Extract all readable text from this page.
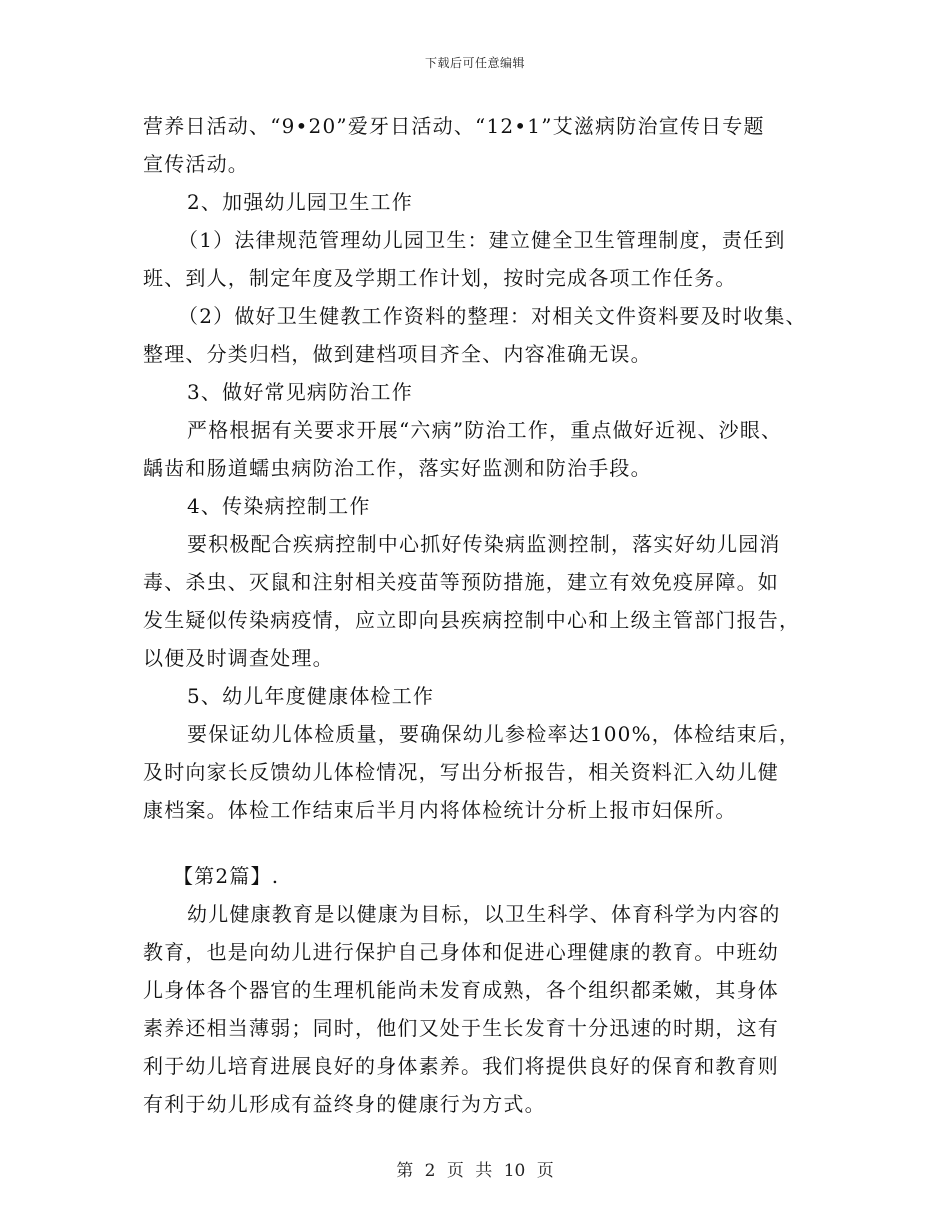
下载后可任意编辑
营养日活动、“9•20”爱牙日活动、“12•1”艾滋病防治宣传日专题
宣传活动。
2、加强幼儿园卫生工作
（1）法律规范管理幼儿园卫生：建立健全卫生管理制度，责任到
班、到人，制定年度及学期工作计划，按时完成各项工作任务。
（2）做好卫生健教工作资料的整理：对相关文件资料要及时收集、
整理、分类归档，做到建档项目齐全、内容准确无误。
3、做好常见病防治工作
严格根据有关要求开展“六病”防治工作，重点做好近视、沙眼、
龋齿和肠道蠕虫病防治工作，落实好监测和防治手段。
4、传染病控制工作
要积极配合疾病控制中心抓好传染病监测控制，落实好幼儿园消
毒、杀虫、灭鼠和注射相关疫苗等预防措施，建立有效免疫屏障。如
发生疑似传染病疫情，应立即向县疾病控制中心和上级主管部门报告，
以便及时调查处理。
5、幼儿年度健康体检工作
要保证幼儿体检质量，要确保幼儿参检率达100%，体检结束后，
及时向家长反馈幼儿体检情况，写出分析报告，相关资料汇入幼儿健
康档案。体检工作结束后半月内将体检统计分析上报市妇保所。
【第2篇】.
幼儿健康教育是以健康为目标，以卫生科学、体育科学为内容的
教育，也是向幼儿进行保护自己身体和促进心理健康的教育。中班幼
儿身体各个器官的生理机能尚未发育成熟，各个组织都柔嫩，其身体
素养还相当薄弱；同时，他们又处于生长发育十分迅速的时期，这有
利于幼儿培育进展良好的身体素养。我们将提供良好的保育和教育则
有利于幼儿形成有益终身的健康行为方式。
第 2 页 共 10 页
